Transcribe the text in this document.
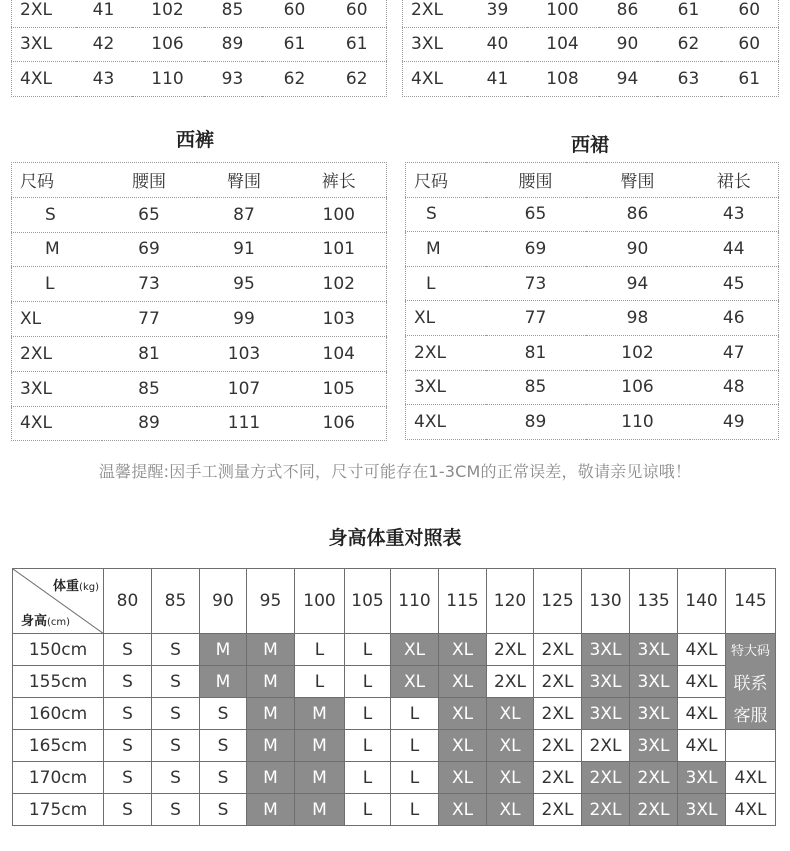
2XL	41	102	85	60	60
3XL	42	106	89	61	61
4XL	43	110	93	62	62
2XL	39	100	86	61	60
3XL	40	104	90	62	60
4XL	41	108	94	63	61
西裤
尺码	腰围	臀围	裤长
S	65	87	100
M	69	91	101
L	73	95	102
XL	77	99	103
2XL	81	103	104
3XL	85	107	105
4XL	89	111	106
西裙
尺码	腰围	臀围	裙长
S	65	86	43
M	69	90	44
L	73	94	45
XL	77	98	46
2XL	81	102	47
3XL	85	106	48
4XL	89	110	49
温馨提醒:因手工测量方式不同，尺寸可能存在1-3CM的正常误差，敬请亲见谅哦！
身高体重对照表
体重(kg)
身高(cm)	80	85	90	95	100	105	110	115	120	125	130	135	140	145
150cm	S	S	M	M	L	L	XL	XL	2XL	2XL	3XL	3XL	4XL	特大码
155cm	S	S	M	M	L	L	XL	XL	2XL	2XL	3XL	3XL	4XL	联系
160cm	S	S	S	M	M	L	L	XL	XL	2XL	3XL	3XL	4XL	客服
165cm	S	S	S	M	M	L	L	XL	XL	2XL	2XL	3XL	4XL	
170cm	S	S	S	M	M	L	L	XL	XL	2XL	2XL	2XL	3XL	4XL
175cm	S	S	S	M	M	L	L	XL	XL	2XL	2XL	2XL	3XL	4XL
